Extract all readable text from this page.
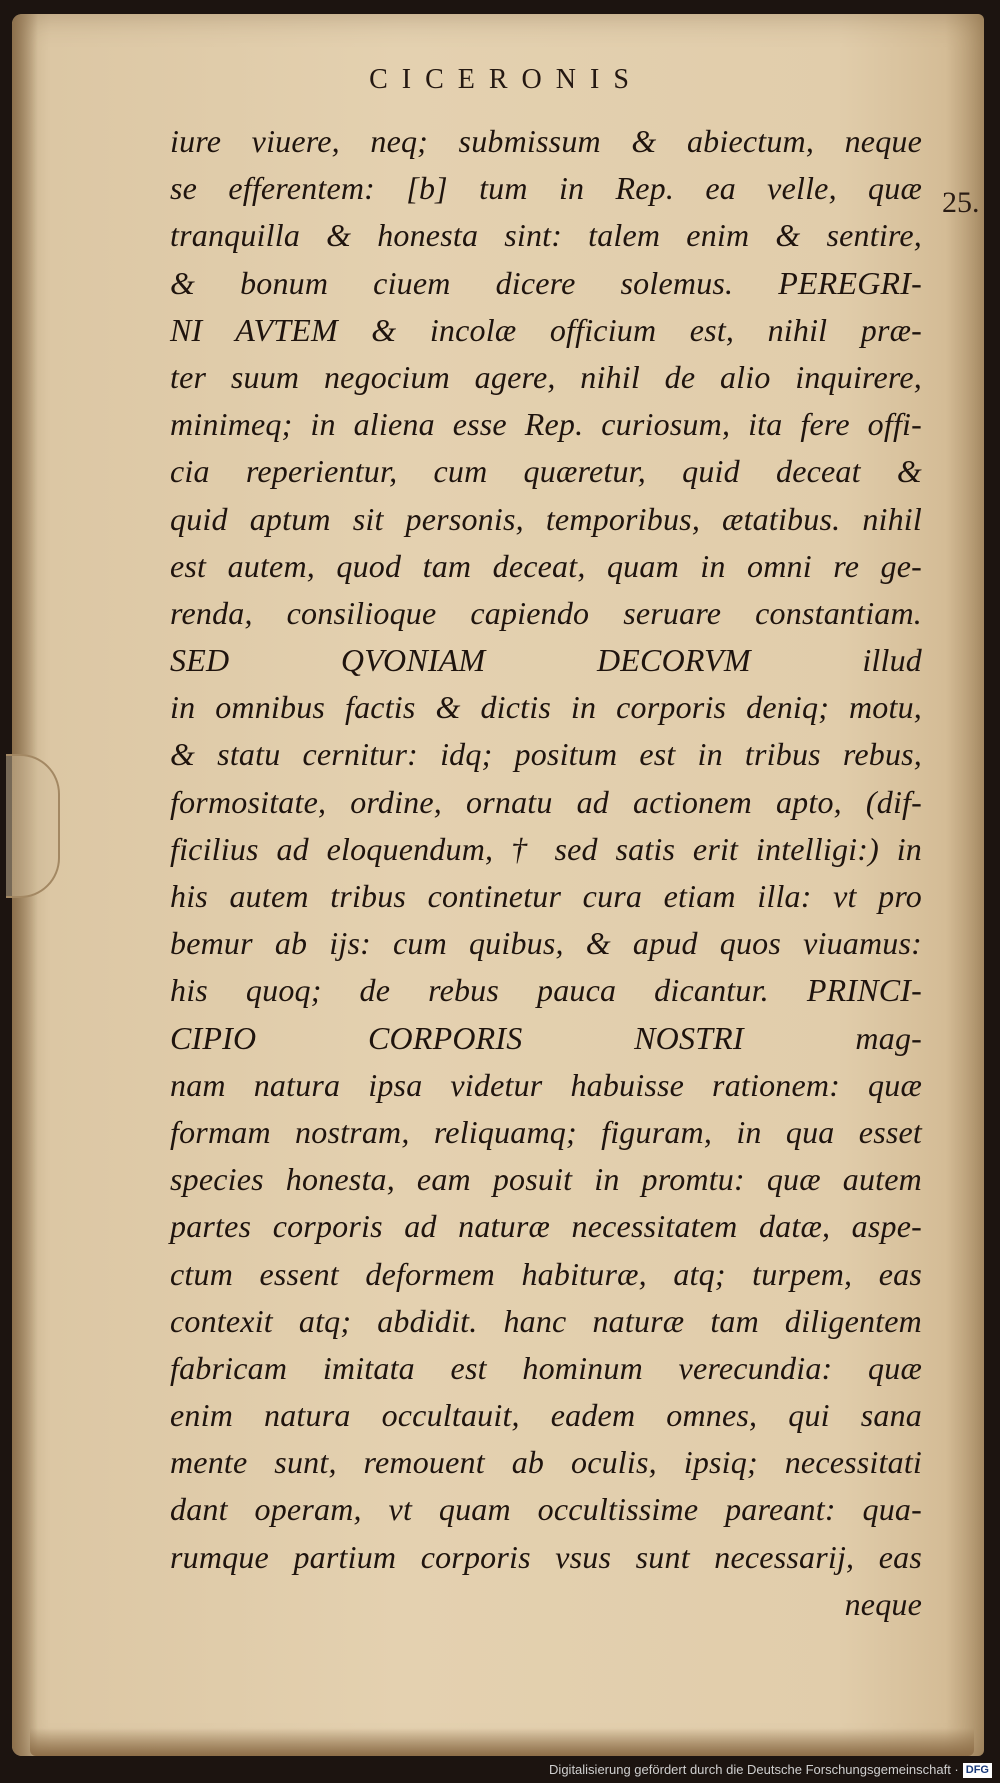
CICERONIS
25.
iure viuere, neq; submissum & abiectum, neque
se efferentem: [b] tum in Rep. ea velle, quæ
tranquilla & honesta sint: talem enim & sentire,
& bonum ciuem dicere solemus. PEREGRI-
NI AVTEM & incolæ officium est, nihil præ-
ter suum negocium agere, nihil de alio inquirere,
minimeq; in aliena esse Rep. curiosum, ita fere offi-
cia reperientur, cum quæretur, quid deceat &
quid aptum sit personis, temporibus, ætatibus. nihil
est autem, quod tam deceat, quam in omni re ge-
renda, consilioque capiendo seruare constantiam.
SED QVONIAM DECORVM illud
in omnibus factis & dictis in corporis deniq; motu,
& statu cernitur: idq; positum est in tribus rebus,
formositate, ordine, ornatu ad actionem apto, (dif-
ficilius ad eloquendum, † sed satis erit intelligi:) in
his autem tribus continetur cura etiam illa: vt pro
bemur ab ijs: cum quibus, & apud quos viuamus:
his quoq; de rebus pauca dicantur. PRINCI-
CIPIO CORPORIS NOSTRI mag-
nam natura ipsa videtur habuisse rationem: quæ
formam nostram, reliquamq; figuram, in qua esset
species honesta, eam posuit in promtu: quæ autem
partes corporis ad naturæ necessitatem datæ, aspe-
ctum essent deformem habituræ, atq; turpem, eas
contexit atq; abdidit. hanc naturæ tam diligentem
fabricam imitata est hominum verecundia: quæ
enim natura occultauit, eadem omnes, qui sana
mente sunt, remouent ab oculis, ipsiq; necessitati
dant operam, vt quam occultissime pareant: qua-
rumque partium corporis vsus sunt necessarij, eas
neque
Digitalisierung gefördert durch die Deutsche Forschungsgemeinschaft · DFG
